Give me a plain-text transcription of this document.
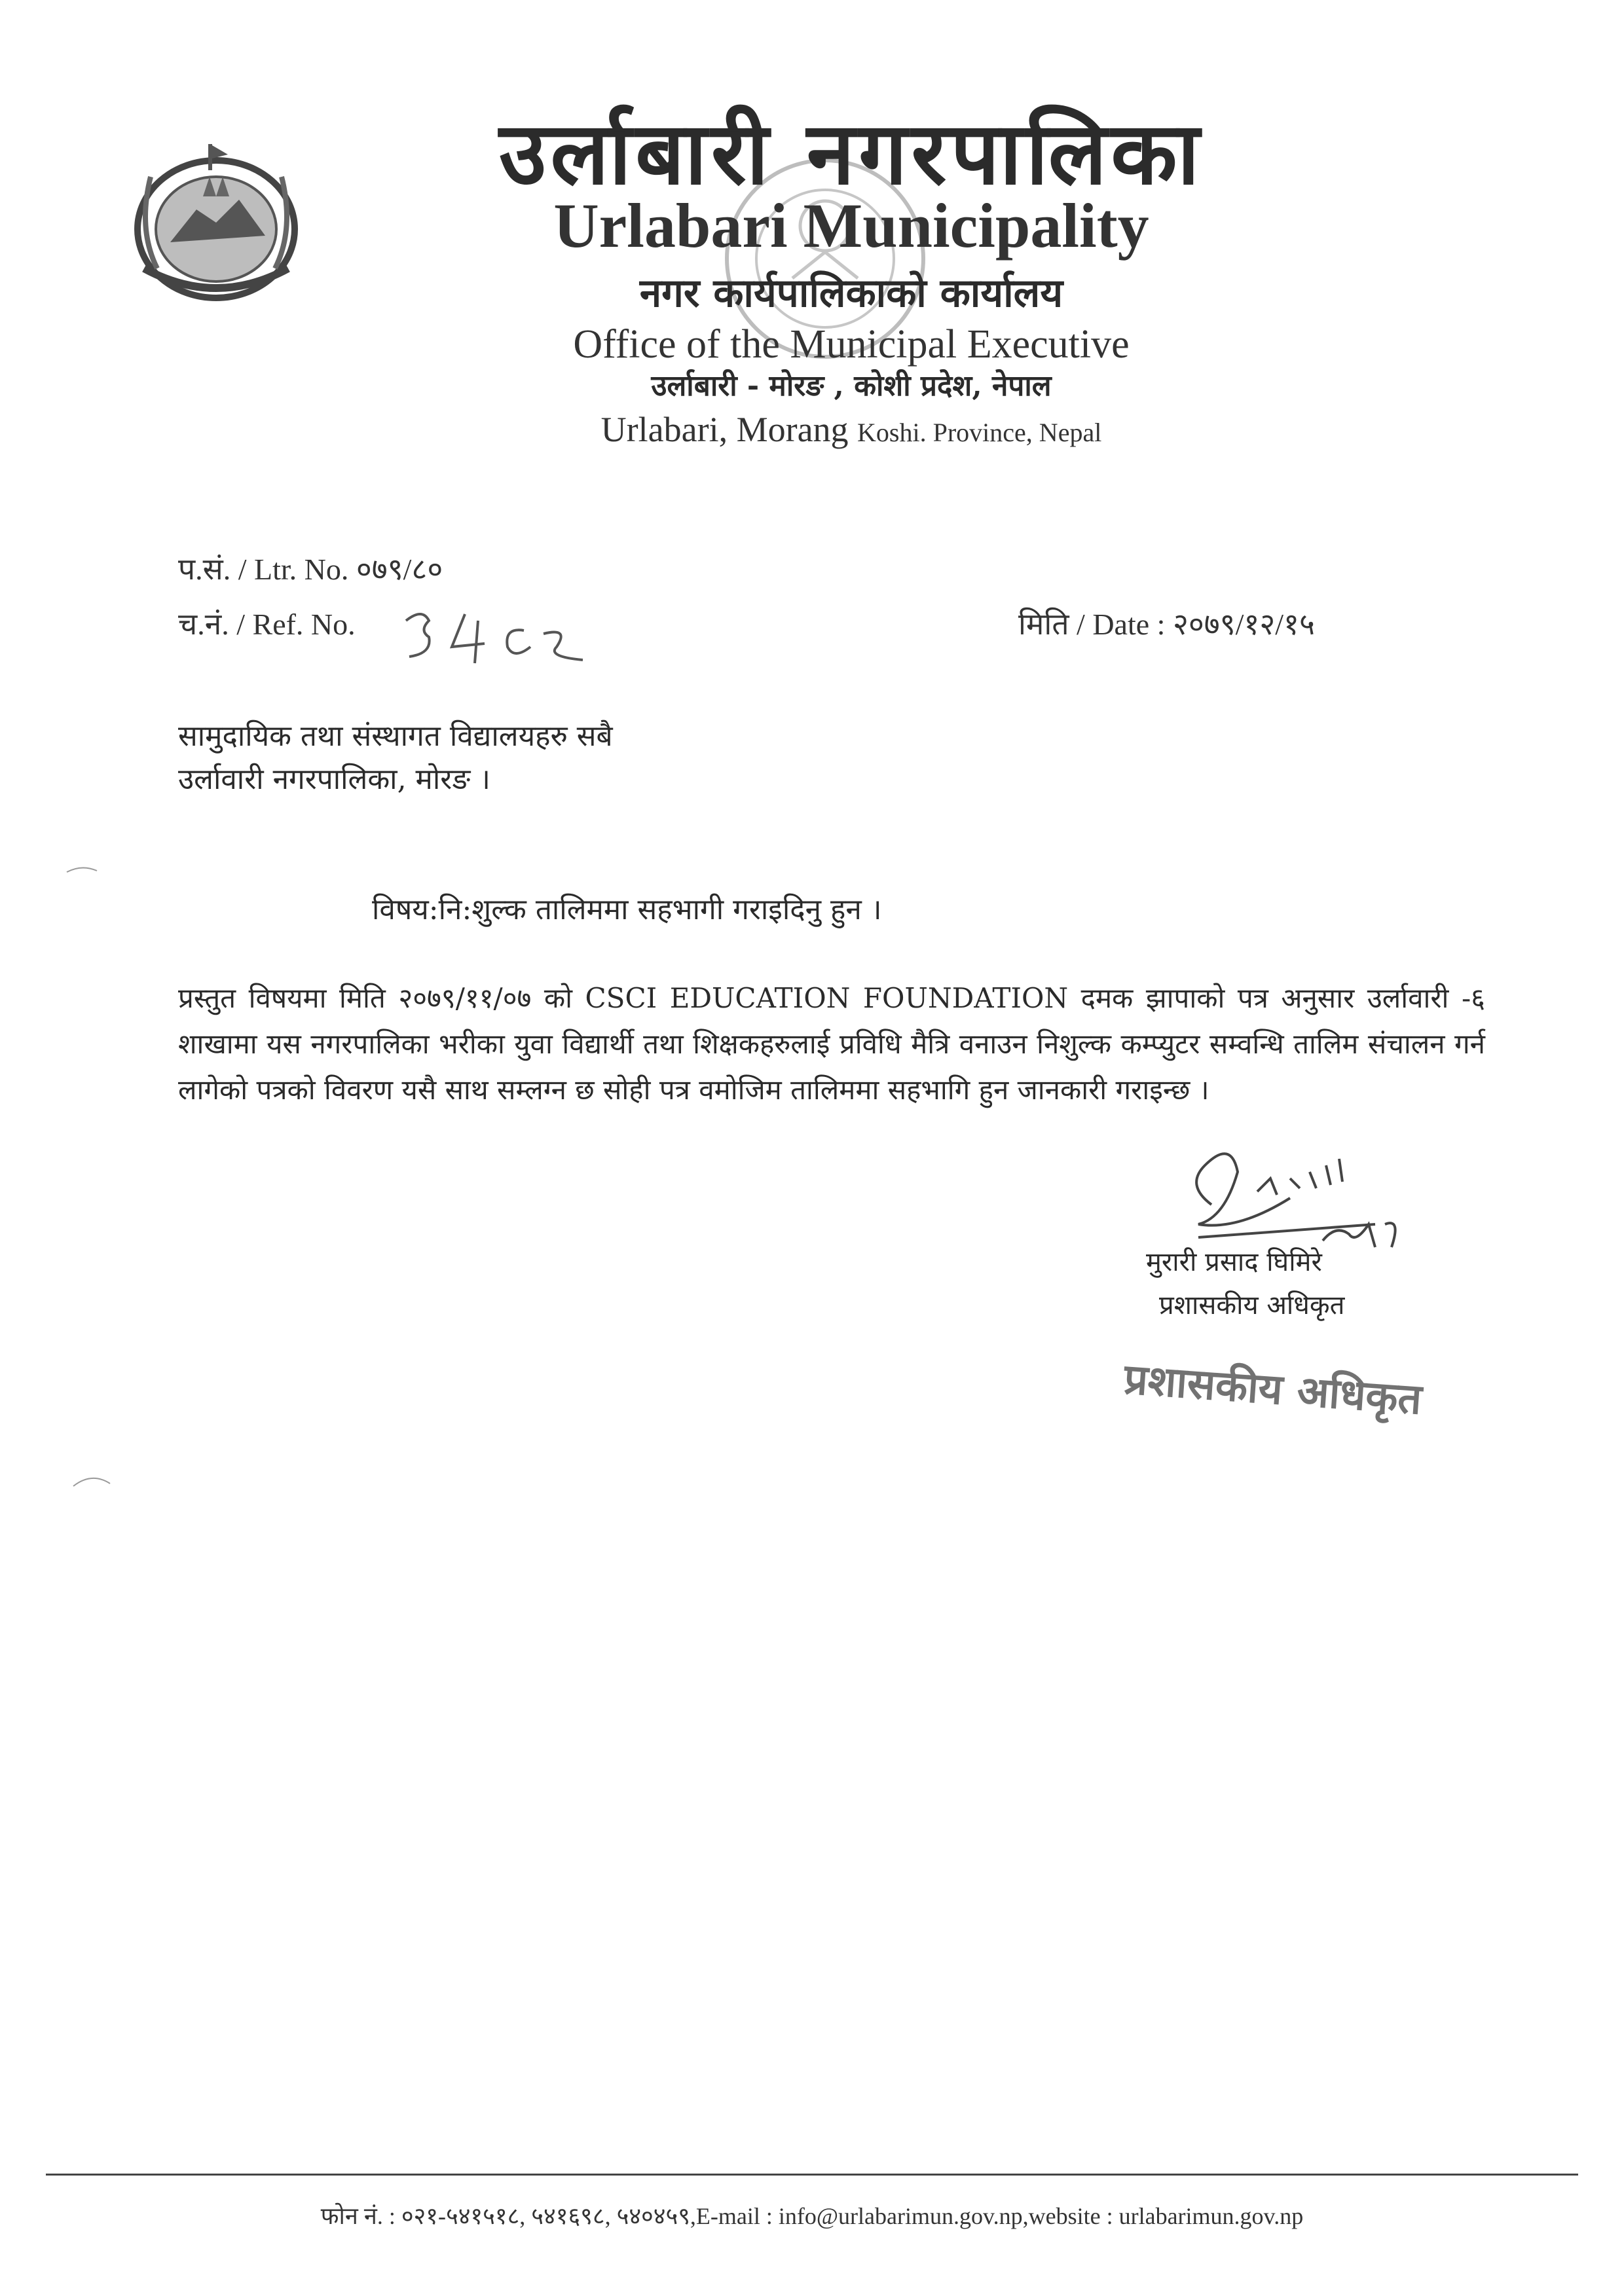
उर्लाबारी नगरपालिका
Urlabari Municipality
नगर कार्यपालिकाको कार्यालय
Office of the Municipal Executive
उर्लाबारी - मोरङ , कोशी प्रदेश, नेपाल
Urlabari, Morang Koshi. Province, Nepal
प.सं. / Ltr. No. ०७९/८०
च.नं. / Ref. No.	मिति / Date : २०७९/१२/१५
सामुदायिक तथा संस्थागत विद्यालयहरु सबै
उर्लावारी नगरपालिका, मोरङ ।
विषय:नि:शुल्क तालिममा सहभागी गराइदिनु हुन ।
प्रस्तुत विषयमा मिति २०७९/११/०७ को CSCI EDUCATION FOUNDATION दमक झापाको पत्र अनुसार उर्लावारी -६ शाखामा यस नगरपालिका भरीका युवा विद्यार्थी तथा शिक्षकहरुलाई प्रविधि मैत्रि वनाउन निशुल्क कम्प्युटर सम्वन्धि तालिम संचालन गर्न लागेको पत्रको विवरण यसै साथ सम्लग्न छ सोही पत्र वमोजिम तालिममा सहभागि हुन जानकारी गराइन्छ ।
मुरारी प्रसाद घिमिरे
प्रशासकीय अधिकृत
प्रशासकीय अधिकृत
फोन नं. : ०२१-५४१५१८, ५४१६९८, ५४०४५९,E-mail : info@urlabarimun.gov.np,website : urlabarimun.gov.np
